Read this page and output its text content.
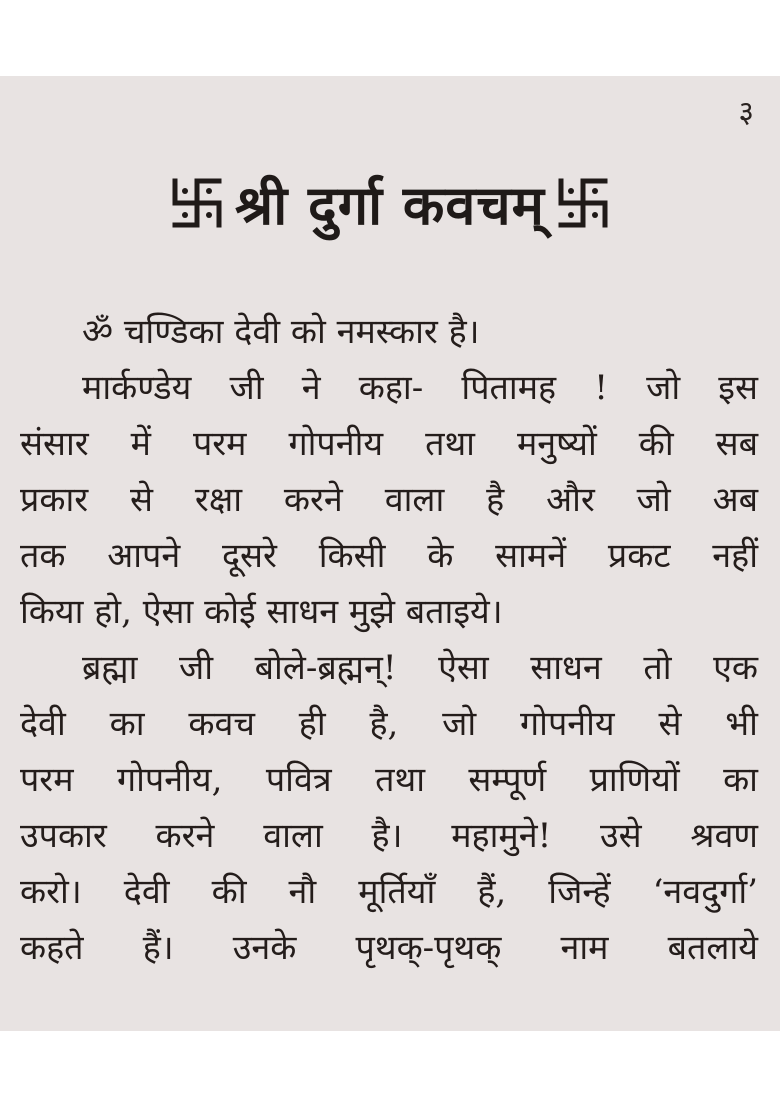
३
श्री दुर्गा कवचम्

ॐ चण्डिका देवी को नमस्कार है।

मार्कण्डेय जी ने कहा- पितामह ! जो इस
संसार में परम गोपनीय तथा मनुष्यों की सब
प्रकार से रक्षा करने वाला है और जो अब
तक आपने दूसरे किसी के सामनें प्रकट नहीं
किया हो, ऐसा कोई साधन मुझे बताइये।

ब्रह्मा जी बोले-ब्रह्मन्! ऐसा साधन तो एक
देवी का कवच ही है, जो गोपनीय से भी
परम गोपनीय, पवित्र तथा सम्पूर्ण प्राणियों का
उपकार करने वाला है। महामुने! उसे श्रवण
करो। देवी की नौ मूर्तियाँ हैं, जिन्हें ‘नवदुर्गा’
कहते हैं। उनके पृथक्-पृथक् नाम बतलाये
